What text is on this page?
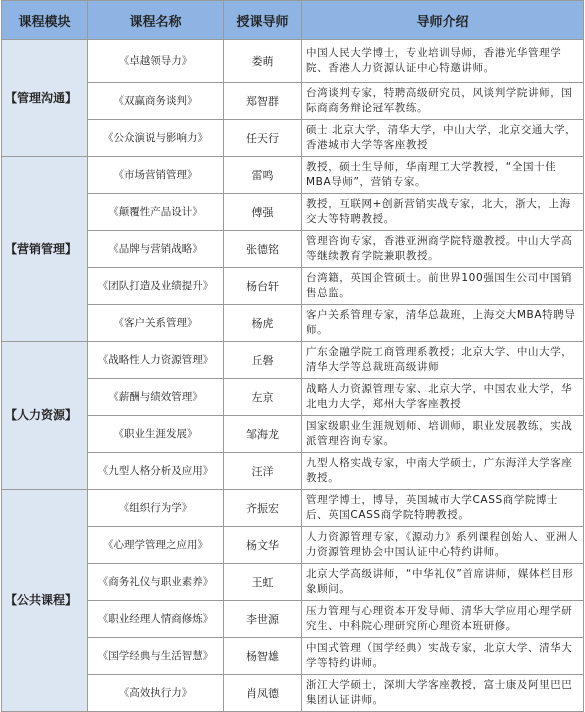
课程模块	课程名称	授课导师	导师介绍
【管理沟通】	《卓越领导力》	娄萌	中国人民大学博士，专业培训导师，香港光华管理学院、香港人力资源认证中心特邀讲师。
	《双赢商务谈判》	郑智群	台湾谈判专家，特聘高级研究员，风谈判学院讲师，国际商商务辩论冠军教练。
	《公众演说与影响力》	任天行	硕士 北京大学，清华大学，中山大学，北京交通大学，香港城市大学等客座教授
【营销管理】	《市场营销管理》	雷鸣	教授，硕士生导师，华南理工大学教授，“全国十佳MBA导师”，营销专家。
	《颠覆性产品设计》	傅强	教授，互联网+创新营销实战专家，北大，浙大，上海交大等特聘教授。
	《品牌与营销战略》	张德铭	管理咨询专家，香港亚洲商学院特邀教授。中山大学高等继续教育学院兼职教授。
	《团队打造及业绩提升》	杨台轩	台湾籍，英国企管硕士。前世界100强国生公司中国销售总监。
	《客户关系管理》	杨虎	客户关系管理专家，清华总裁班，上海交大MBA特聘导师。
【人力资源】	《战略性人力资源管理》	丘磐	广东金融学院工商管理系教授；北京大学、中山大学，清华大学等总裁班高级讲师
	《薪酬与绩效管理》	左京	战略人力资源管理专家、北京大学，中国农业大学，华北电力大学，郑州大学客座教授
	《职业生涯发展》	邹海龙	国家级职业生涯规划师、培训师，职业发展教练，实战派管理咨询专家。
	《九型人格分析及应用》	汪洋	九型人格实战专家，中南大学硕士，广东海洋大学客座教授。
【公共课程】	《组织行为学》	齐振宏	管理学博士，博导，英国城市大学CASS商学院博士后、英国CASS商学院特聘教授。
	《心理学管理之应用》	杨文华	人力资源管理专家，《源动力》系列课程创始人、亚洲人力资源管理协会中国认证中心特约讲师。
	《商务礼仪与职业素养》	王虹	北京大学高级讲师，“中华礼仪”首席讲师，媒体栏目形象顾问。
	《职业经理人情商修炼》	李世源	压力管理与心理资本开发导师、清华大学应用心理学研究生、中科院心理研究所心理资本班研修。
	《国学经典与生活智慧》	杨智雄	中国式管理（国学经典）实战专家，北京大学、清华大学等特约讲师。
	《高效执行力》	肖凤德	浙江大学硕士，深圳大学客座教授，富士康及阿里巴巴集团认证讲师。
